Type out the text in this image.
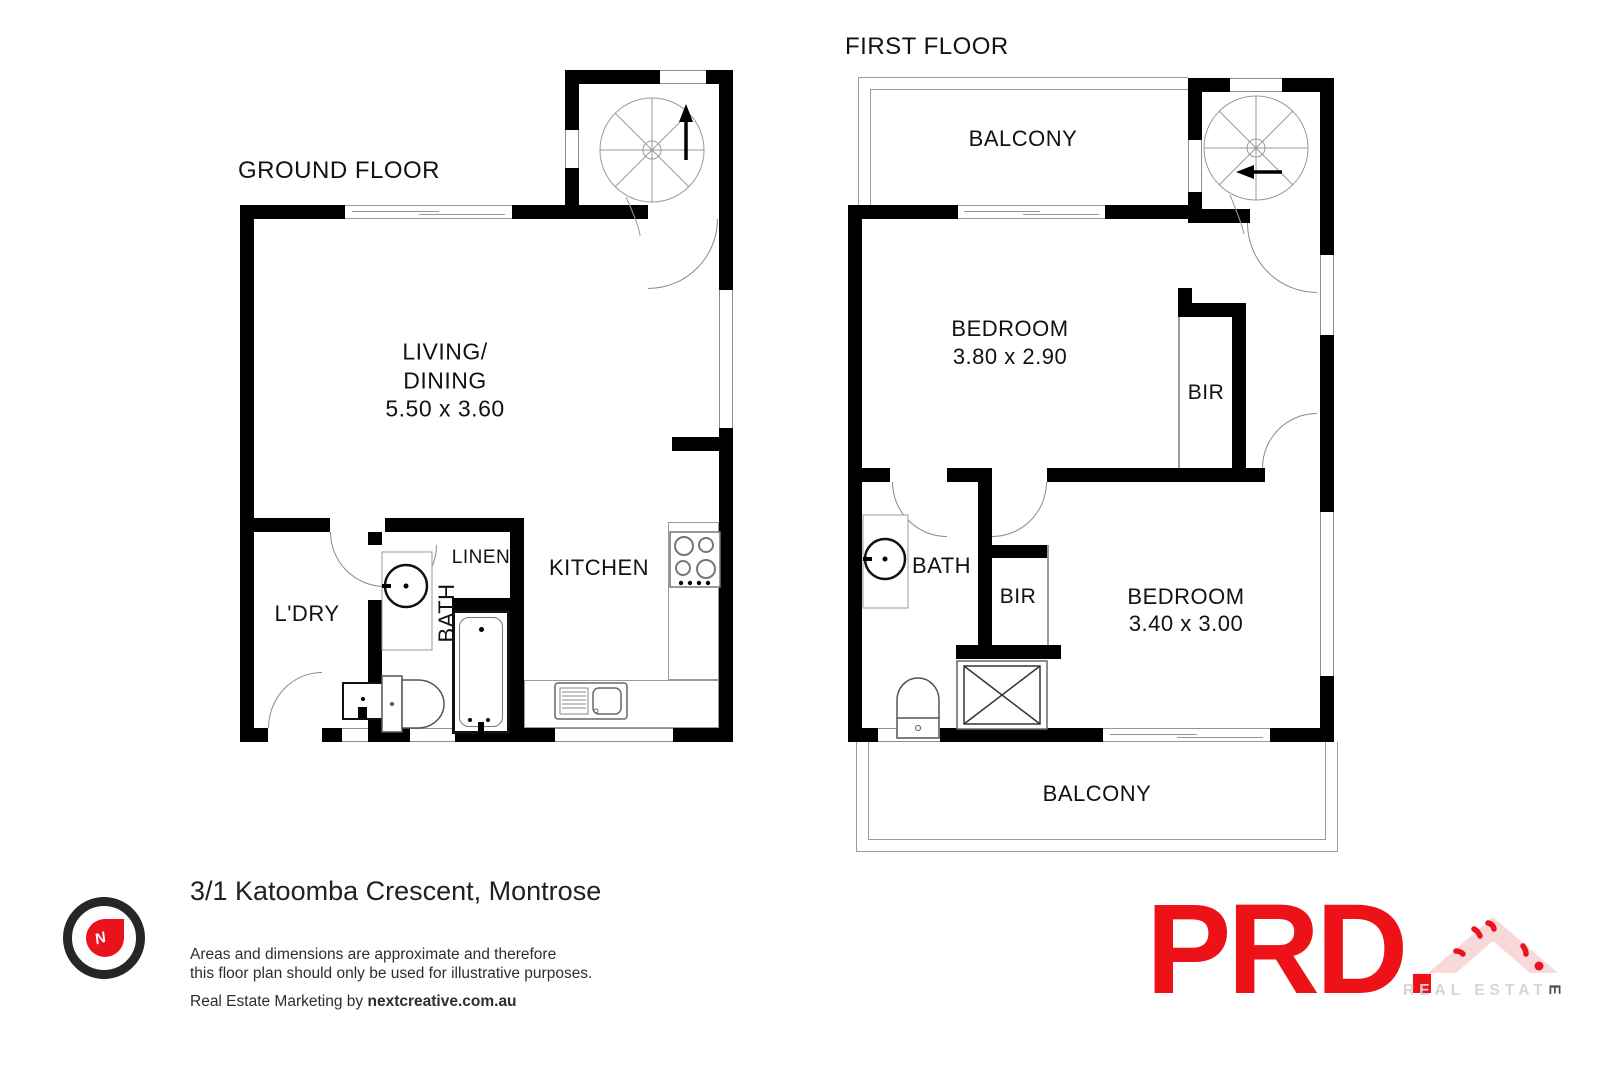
GROUND FLOOR
LIVING/
DINING
5.50 x 3.60
L'DRY	BATH
LINEN KITCHEN
FIRST FLOOR
BALCONY
BEDROOM
3.80 x 2.90
BIR
BATH
BIR	BEDROOM
3.40 x 3.00
BALCONY
N
3/1 Katoomba Crescent, Montrose
Areas and dimensions are approximate and therefore
this floor plan should only be used for illustrative purposes.
Real Estate Marketing by nextcreative.com.au	PRD.
REAL ESTATE
